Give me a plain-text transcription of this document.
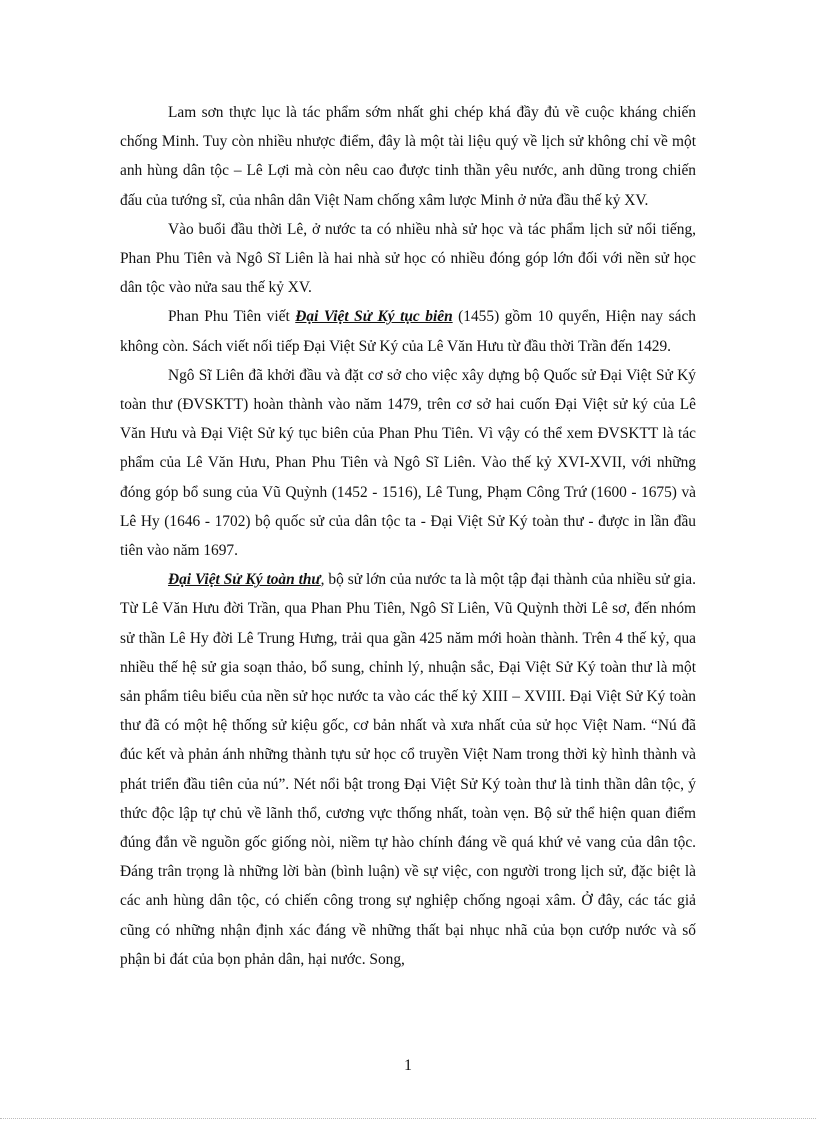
Lam sơn thực lục là tác phẩm sớm nhất ghi chép khá đầy đủ về cuộc kháng chiến chống Minh. Tuy còn nhiều nhược điểm, đây là một tài liệu quý về lịch sử không chỉ về một anh hùng dân tộc – Lê Lợi mà còn nêu cao được tinh thần yêu nước, anh dũng trong chiến đấu của tướng sĩ, của nhân dân Việt Nam chống xâm lược Minh ở nửa đầu thế kỷ XV.

Vào buổi đầu thời Lê, ở nước ta có nhiều nhà sử học và tác phẩm lịch sử nổi tiếng, Phan Phu Tiên và Ngô Sĩ Liên là hai nhà sử học có nhiều đóng góp lớn đối với nền sử học dân tộc vào nửa sau thế kỷ XV.

Phan Phu Tiên viết Đại Việt Sử Ký tục biên (1455) gồm 10 quyển, Hiện nay sách không còn. Sách viết nối tiếp Đại Việt Sử Ký của Lê Văn Hưu từ đầu thời Trần đến 1429.

Ngô Sĩ Liên đã khởi đầu và đặt cơ sở cho việc xây dựng bộ Quốc sử Đại Việt Sử Ký toàn thư (ĐVSKTT) hoàn thành vào năm 1479, trên cơ sở hai cuốn Đại Việt sử ký của Lê Văn Hưu và Đại Việt Sử ký tục biên của Phan Phu Tiên. Vì vậy có thể xem ĐVSKTT là tác phẩm của Lê Văn Hưu, Phan Phu Tiên và Ngô Sĩ Liên. Vào thế kỷ XVI-XVII, với những đóng góp bổ sung của Vũ Quỳnh (1452 - 1516), Lê Tung, Phạm Công Trứ (1600 - 1675) và Lê Hy (1646 - 1702) bộ quốc sử của dân tộc ta - Đại Việt Sử Ký toàn thư - được in lần đầu tiên vào năm 1697.

Đại Việt Sử Ký toàn thư, bộ sử lớn của nước ta là một tập đại thành của nhiều sử gia. Từ Lê Văn Hưu đời Trần, qua Phan Phu Tiên, Ngô Sĩ Liên, Vũ Quỳnh thời Lê sơ, đến nhóm sử thần Lê Hy đời Lê Trung Hưng, trải qua gần 425 năm mới hoàn thành. Trên 4 thế kỷ, qua nhiều thế hệ sử gia soạn thảo, bổ sung, chỉnh lý, nhuận sắc, Đại Việt Sử Ký toàn thư là một sản phẩm tiêu biểu của nền sử học nước ta vào các thế kỷ XIII – XVIII. Đại Việt Sử Ký toàn thư đã có một hệ thống sử kiệu gốc, cơ bản nhất và xưa nhất của sử học Việt Nam. “Nú đã đúc kết và phản ánh những thành tựu sử học cổ truyền Việt Nam trong thời kỳ hình thành và phát triển đầu tiên của nú”. Nét nổi bật trong Đại Việt Sử Ký toàn thư là tinh thần dân tộc, ý thức độc lập tự chủ về lãnh thổ, cương vực thống nhất, toàn vẹn. Bộ sử thể hiện quan điểm đúng đắn về nguồn gốc giống nòi, niềm tự hào chính đáng về quá khứ vẻ vang của dân tộc. Đáng trân trọng là những lời bàn (bình luận) về sự việc, con người trong lịch sử, đặc biệt là các anh hùng dân tộc, có chiến công trong sự nghiệp chống ngoại xâm. Ở đây, các tác giả cũng có những nhận định xác đáng về những thất bại nhục nhã của bọn cướp nước và số phận bi đát của bọn phản dân, hại nước. Song,

1
